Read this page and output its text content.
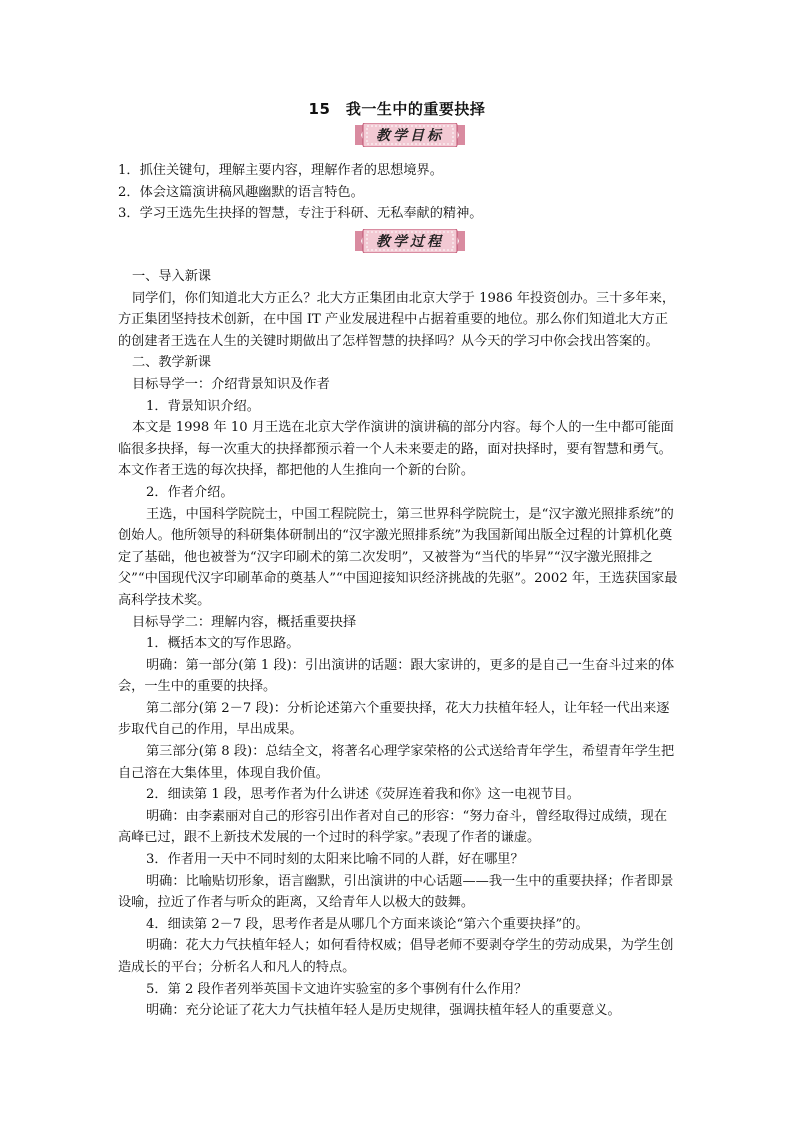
15　我一生中的重要抉择
教学目标

1．抓住关键句，理解主要内容，理解作者的思想境界。

2．体会这篇演讲稿风趣幽默的语言特色。

3．学习王选先生抉择的智慧，专注于科研、无私奉献的精神。

教学过程

一、导入新课

同学们，你们知道北大方正么？北大方正集团由北京大学于 1986 年投资创办。三十多年来，方正集团坚持技术创新，在中国 IT 产业发展进程中占据着重要的地位。那么你们知道北大方正的创建者王选在人生的关键时期做出了怎样智慧的抉择吗？从今天的学习中你会找出答案的。

二、教学新课

目标导学一：介绍背景知识及作者

1．背景知识介绍。

本文是 1998 年 10 月王选在北京大学作演讲的演讲稿的部分内容。每个人的一生中都可能面临很多抉择，每一次重大的抉择都预示着一个人未来要走的路，面对抉择时，要有智慧和勇气。本文作者王选的每次抉择，都把他的人生推向一个新的台阶。

2．作者介绍。

王选，中国科学院院士，中国工程院院士，第三世界科学院院士，是“汉字激光照排系统”的创始人。他所领导的科研集体研制出的“汉字激光照排系统”为我国新闻出版全过程的计算机化奠定了基础，他也被誉为“汉字印刷术的第二次发明”，又被誉为“当代的毕昇”“汉字激光照排之父”“中国现代汉字印刷革命的奠基人”“中国迎接知识经济挑战的先驱”。2002 年，王选获国家最高科学技术奖。

目标导学二：理解内容，概括重要抉择

1．概括本文的写作思路。

明确：第一部分(第 1 段)：引出演讲的话题：跟大家讲的，更多的是自己一生奋斗过来的体会，一生中的重要的抉择。

第二部分(第 2－7 段)：分析论述第六个重要抉择，花大力扶植年轻人，让年轻一代出来逐步取代自己的作用，早出成果。

第三部分(第 8 段)：总结全文，将著名心理学家荣格的公式送给青年学生，希望青年学生把自己溶在大集体里，体现自我价值。

2．细读第 1 段，思考作者为什么讲述《荧屏连着我和你》这一电视节目。

明确：由李素丽对自己的形容引出作者对自己的形容：“努力奋斗，曾经取得过成绩，现在高峰已过，跟不上新技术发展的一个过时的科学家。”表现了作者的谦虚。

3．作者用一天中不同时刻的太阳来比喻不同的人群，好在哪里？

明确：比喻贴切形象，语言幽默，引出演讲的中心话题——我一生中的重要抉择；作者即景设喻，拉近了作者与听众的距离，又给青年人以极大的鼓舞。

4．细读第 2－7 段，思考作者是从哪几个方面来谈论“第六个重要抉择”的。

明确：花大力气扶植年轻人；如何看待权威；倡导老师不要剥夺学生的劳动成果，为学生创造成长的平台；分析名人和凡人的特点。

5．第 2 段作者列举英国卡文迪许实验室的多个事例有什么作用？

明确：充分论证了花大力气扶植年轻人是历史规律，强调扶植年轻人的重要意义。
